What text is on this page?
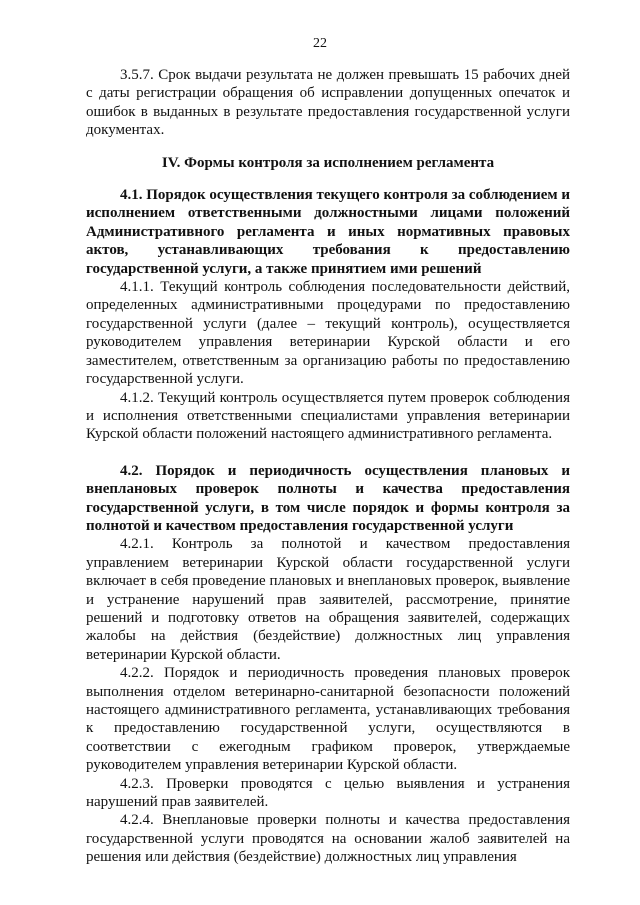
22

3.5.7. Срок выдачи результата не должен превышать 15 рабочих дней с даты регистрации обращения об исправлении допущенных опечаток и ошибок в выданных в результате предоставления государственной услуги документах.

IV. Формы контроля за исполнением регламента

4.1. Порядок осуществления текущего контроля за соблюдением и исполнением ответственными должностными лицами положений Административного регламента и иных нормативных правовых актов, устанавливающих требования к предоставлению государственной услуги, а также принятием ими решений

4.1.1. Текущий контроль соблюдения последовательности действий, определенных административными процедурами по предоставлению государственной услуги (далее – текущий контроль), осуществляется руководителем управления ветеринарии Курской области и его заместителем, ответственным за организацию работы по предоставлению государственной услуги.

4.1.2. Текущий контроль осуществляется путем проверок соблюдения и исполнения ответственными специалистами управления ветеринарии Курской области положений настоящего административного регламента.

4.2. Порядок и периодичность осуществления плановых и внеплановых проверок полноты и качества предоставления государственной услуги, в том числе порядок и формы контроля за полнотой и качеством предоставления государственной услуги

4.2.1. Контроль за полнотой и качеством предоставления управлением ветеринарии Курской области государственной услуги включает в себя проведение плановых и внеплановых проверок, выявление и устранение нарушений прав заявителей, рассмотрение, принятие решений и подготовку ответов на обращения заявителей, содержащих жалобы на действия (бездействие) должностных лиц управления ветеринарии Курской области.

4.2.2. Порядок и периодичность проведения плановых проверок выполнения отделом ветеринарно-санитарной безопасности положений настоящего административного регламента, устанавливающих требования к предоставлению государственной услуги, осуществляются в соответствии с ежегодным графиком проверок, утверждаемые руководителем управления ветеринарии Курской области.

4.2.3. Проверки проводятся с целью выявления и устранения нарушений прав заявителей.

4.2.4. Внеплановые проверки полноты и качества предоставления государственной услуги проводятся на основании жалоб заявителей на решения или действия (бездействие) должностных лиц управления
